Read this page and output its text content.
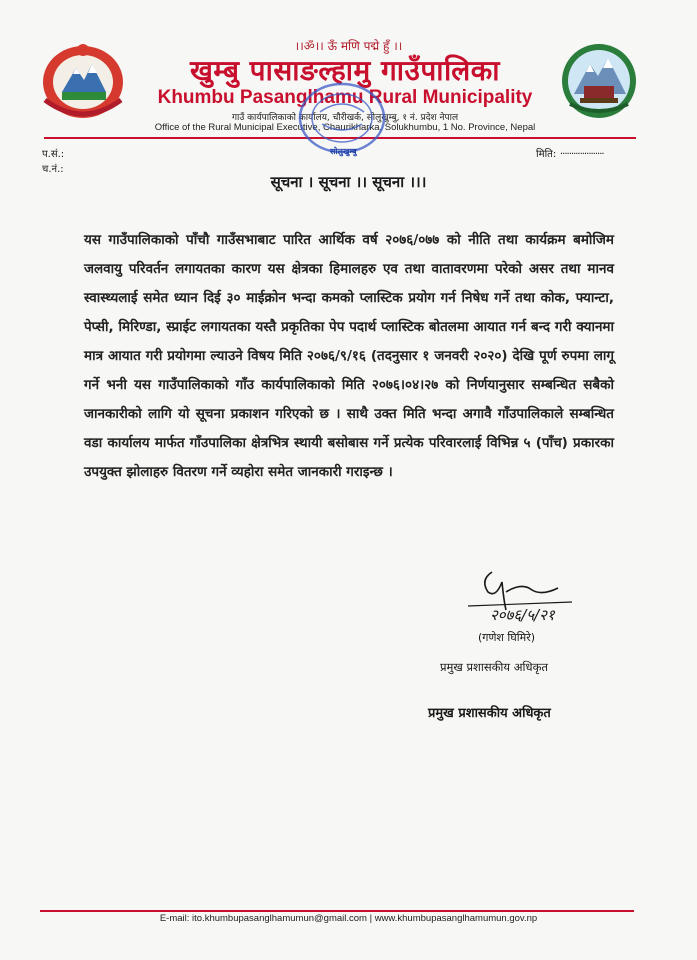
।।ॐ।। ऊँ मणि पद्मे हुँ ।।
खुम्बु पासाङल्हामु गाउँपालिका
Khumbu Pasanglhamu Rural Municipality
गाउँ कार्यपालिकाको कार्यालय, चौरीखर्क, सोलुखुम्बु, १ नं. प्रदेश नेपाल
Office of the Rural Municipal Executive, Chaurikharka, Solukhumbu, 1 No. Province, Nepal
सोलुखुम्बु
प.सं.:
च.नं.:
मिति: ....................
सूचना । सूचना ।। सूचना ।।।
यस गाउँपालिकाको पाँचौ गाउँसभाबाट पारित आर्थिक वर्ष २०७६/०७७ को नीति तथा कार्यक्रम बमोजिम जलवायु परिवर्तन लगायतका कारण यस क्षेत्रका हिमालहरु एव तथा वातावरणमा परेको असर तथा मानव स्वास्थ्यलाई समेत ध्यान दिई ३० माईक्रोन भन्दा कमको प्लास्टिक प्रयोग गर्न निषेध गर्ने तथा कोक, फ्यान्टा, पेप्सी, मिरिण्डा, स्प्राईट लगायतका यस्तै प्रकृतिका पेप पदार्थ प्लास्टिक बोतलमा आयात गर्न बन्द गरी क्यानमा मात्र आयात गरी प्रयोगमा ल्याउने विषय मिति २०७६/९/१६ (तदनुसार १ जनवरी २०२०) देखि पूर्ण रुपमा लागू गर्ने भनी यस गाउँपालिकाको गाँउ कार्यपालिकाको मिति २०७६।०४।२७ को निर्णयानुसार सम्बन्धित सबैको जानकारीको लागि यो सूचना प्रकाशन गरिएको छ । साथै उक्त मिति भन्दा अगावै गाँउपालिकाले सम्बन्धित वडा कार्यालय मार्फत गाँउपालिका क्षेत्रभित्र स्थायी बसोबास गर्ने प्रत्येक परिवारलाई विभिन्न ५ (पाँच) प्रकारका उपयुक्त झोलाहरु वितरण गर्ने व्यहोरा समेत जानकारी गराइन्छ ।
२०७६/५/२१
(गणेश घिमिरे)
प्रमुख प्रशासकीय अधिकृत
प्रमुख प्रशासकीय अधिकृत
E-mail: ito.khumbupasanglhamumun@gmail.com | www.khumbupasanglhamumun.gov.np
